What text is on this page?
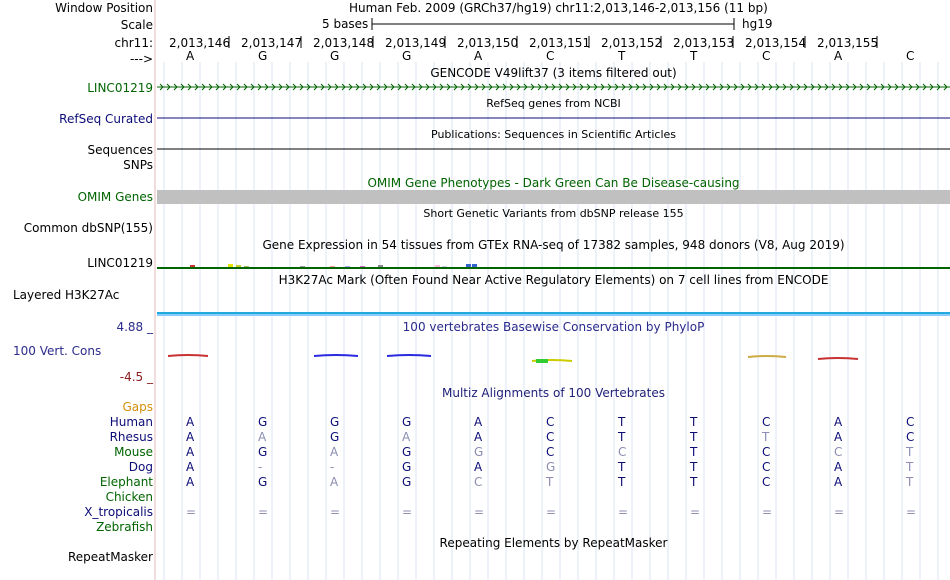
Window Position	Human Feb. 2009 (GRCh37/hg19) chr11:2,013,146-2,013,156 (11 bp)
Scale	5 bases	hg19
chr11:
--->
2,013,146 2,013,147 2,013,148 2,013,149 2,013,150 2,013,151 2,013,152 2,013,153 2,013,154 2,013,155
A	G	G	G	A	C	T	T	C	A	C
GENCODE V49lift37 (3 items filtered out)
LINC01219
RefSeq genes from NCBI
RefSeq Curated
Publications: Sequences in Scientific Articles
Sequences
SNPs
OMIM Gene Phenotypes - Dark Green Can Be Disease-causing
OMIM Genes
Short Genetic Variants from dbSNP release 155
Common dbSNP(155)
Gene Expression in 54 tissues from GTEx RNA-seq of 17382 samples, 948 donors (V8, Aug 2019)
LINC01219
H3K27Ac Mark (Often Found Near Active Regulatory Elements) on 7 cell lines from ENCODE
Layered H3K27Ac
100 vertebrates Basewise Conservation by PhyloP
4.88 _
100 Vert. Cons
-4.5 _
Multiz Alignments of 100 Vertebrates
Gaps
Human	A	G	G	G	A	C	T	T	C	A	C
Rhesus	A	A	G	A	A	C	T	T	T	A	C
Mouse	A	G	A	G	G	C	C	T	C	C	T
Dog	A	-	-	G	A	G	T	T	C	A	T
Elephant	A	G	A	G	C	T	T	T	C	A	T
Chicken
X_tropicalis	=	=	=	=	=	=	=	=	=	=	=
Zebrafish
Repeating Elements by RepeatMasker
RepeatMasker
